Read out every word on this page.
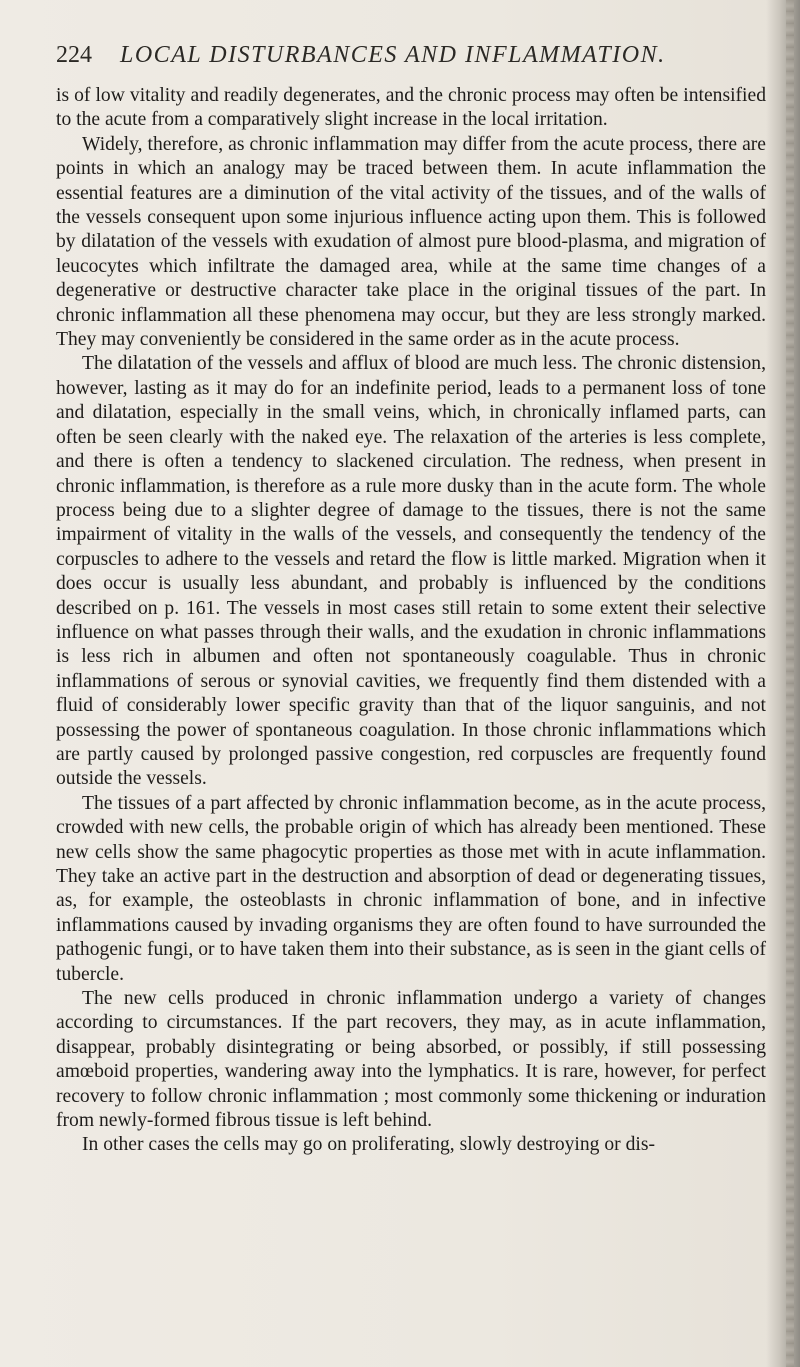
224 LOCAL DISTURBANCES AND INFLAMMATION.

is of low vitality and readily degenerates, and the chronic process may often be intensified to the acute from a comparatively slight increase in the local irritation.

Widely, therefore, as chronic inflammation may differ from the acute process, there are points in which an analogy may be traced between them. In acute inflammation the essential features are a diminution of the vital activity of the tissues, and of the walls of the vessels consequent upon some injurious influence acting upon them. This is followed by dilatation of the vessels with exudation of almost pure blood-plasma, and migration of leucocytes which infiltrate the damaged area, while at the same time changes of a degenerative or destructive character take place in the original tissues of the part. In chronic inflammation all these phenomena may occur, but they are less strongly marked. They may conveniently be considered in the same order as in the acute process.

The dilatation of the vessels and afflux of blood are much less. The chronic distension, however, lasting as it may do for an indefinite period, leads to a permanent loss of tone and dilatation, especially in the small veins, which, in chronically inflamed parts, can often be seen clearly with the naked eye. The relaxation of the arteries is less complete, and there is often a tendency to slackened circulation. The redness, when present in chronic inflammation, is therefore as a rule more dusky than in the acute form. The whole process being due to a slighter degree of damage to the tissues, there is not the same impairment of vitality in the walls of the vessels, and consequently the tendency of the corpuscles to adhere to the vessels and retard the flow is little marked. Migration when it does occur is usually less abundant, and probably is influenced by the conditions described on p. 161. The vessels in most cases still retain to some extent their selective influence on what passes through their walls, and the exudation in chronic inflammations is less rich in albumen and often not spontaneously coagulable. Thus in chronic inflammations of serous or synovial cavities, we frequently find them distended with a fluid of considerably lower specific gravity than that of the liquor sanguinis, and not possessing the power of spontaneous coagulation. In those chronic inflammations which are partly caused by prolonged passive congestion, red corpuscles are frequently found outside the vessels.

The tissues of a part affected by chronic inflammation become, as in the acute process, crowded with new cells, the probable origin of which has already been mentioned. These new cells show the same phagocytic properties as those met with in acute inflammation. They take an active part in the destruction and absorption of dead or degenerating tissues, as, for example, the osteoblasts in chronic inflammation of bone, and in infective inflammations caused by invading organisms they are often found to have surrounded the pathogenic fungi, or to have taken them into their substance, as is seen in the giant cells of tubercle.

The new cells produced in chronic inflammation undergo a variety of changes according to circumstances. If the part recovers, they may, as in acute inflammation, disappear, probably disintegrating or being absorbed, or possibly, if still possessing amœboid properties, wandering away into the lymphatics. It is rare, however, for perfect recovery to follow chronic inflammation ; most commonly some thickening or induration from newly-formed fibrous tissue is left behind.

In other cases the cells may go on proliferating, slowly destroying or dis-
